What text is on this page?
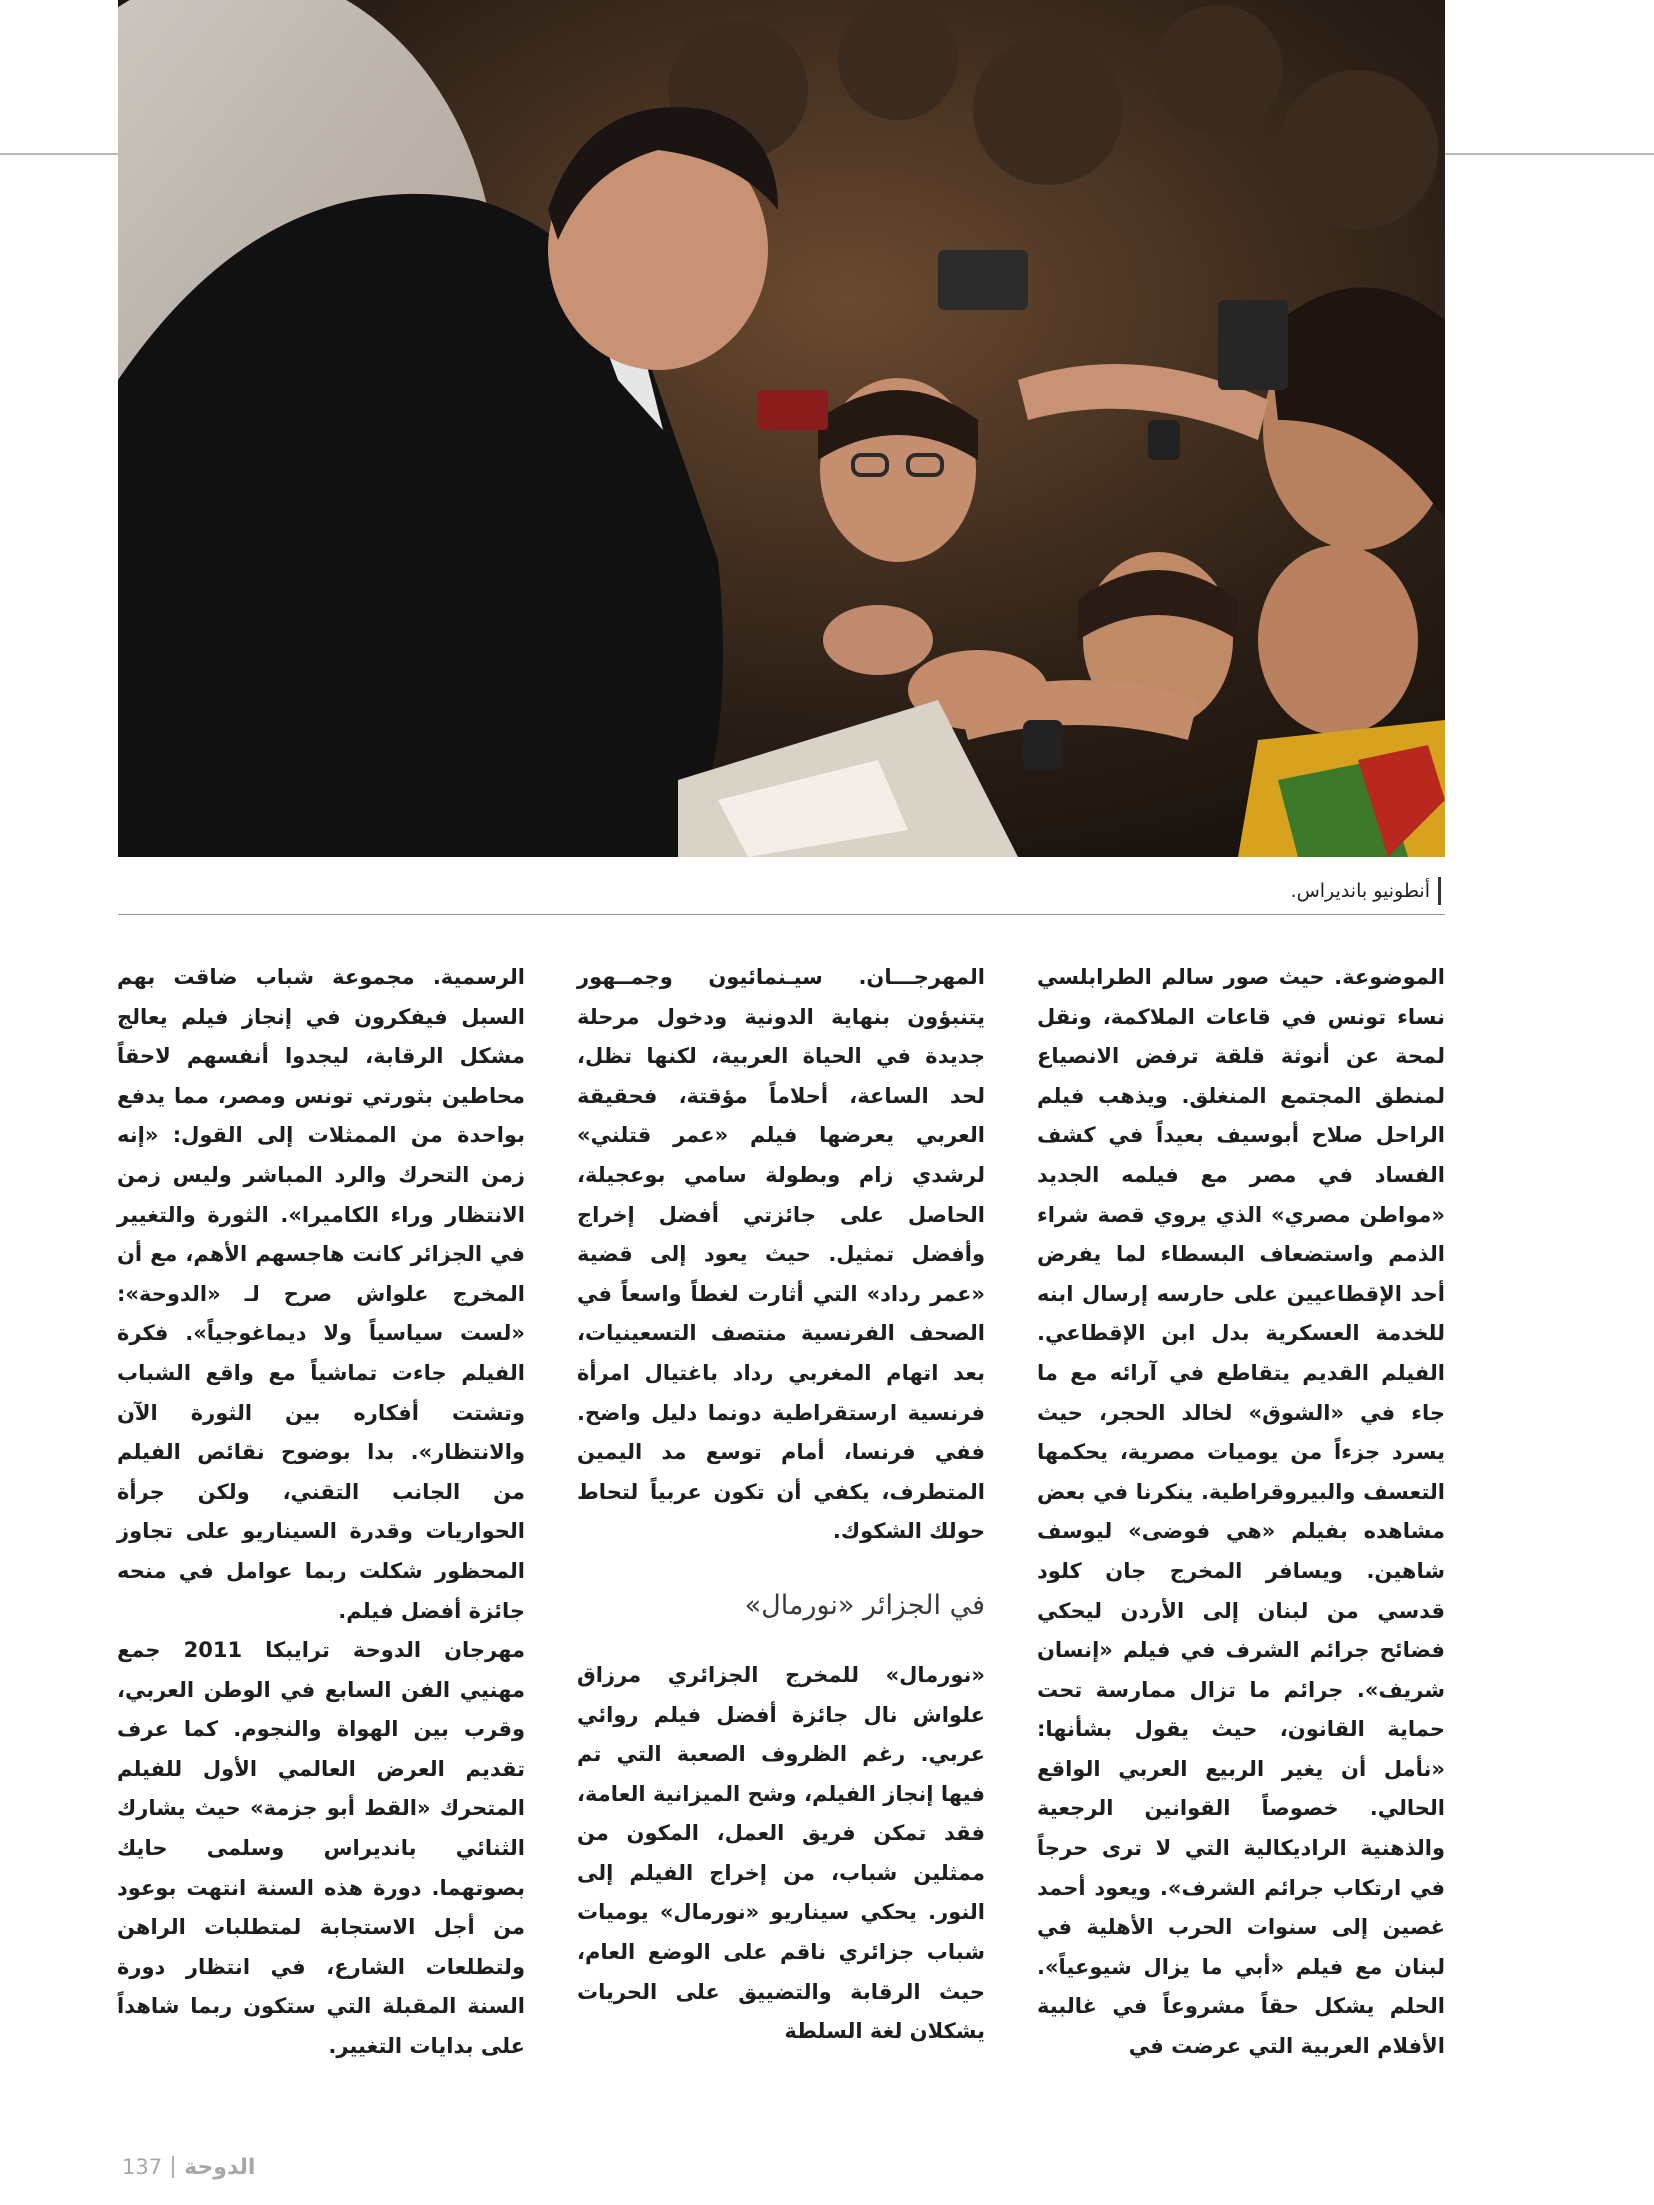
أنطونيو بانديراس.

الموضوعة. حيث صور سالم الطرابلسي نساء تونس في قاعات الملاكمة، ونقل لمحة عن أنوثة قلقة ترفض الانصياع لمنطق المجتمع المنغلق. ويذهب فيلم الراحل صلاح أبوسيف بعيداً في كشف الفساد في مصر مع فيلمه الجديد «مواطن مصري» الذي يروي قصة شراء الذمم واستضعاف البسطاء لما يفرض أحد الإقطاعيين على حارسه إرسال ابنه للخدمة العسكرية بدل ابن الإقطاعي. الفيلم القديم يتقاطع في آرائه مع ما جاء في «الشوق» لخالد الحجر، حيث يسرد جزءاً من يوميات مصرية، يحكمها التعسف والبيروقراطية. ينكرنا في بعض مشاهده بفيلم «هي فوضى» ليوسف شاهين. ويسافر المخرج جان كلود قدسي من لبنان إلى الأردن ليحكي فضائح جرائم الشرف في فيلم «إنسان شريف». جرائم ما تزال ممارسة تحت حماية القانون، حيث يقول بشأنها: «نأمل أن يغير الربيع العربي الواقع الحالي. خصوصاً القوانين الرجعية والذهنية الراديكالية التي لا ترى حرجاً في ارتكاب جرائم الشرف». ويعود أحمد غصين إلى سنوات الحرب الأهلية في لبنان مع فيلم «أبي ما يزال شيوعياً». الحلم يشكل حقاً مشروعاً في غالبية الأفلام العربية التي عرضت في

المهرجـــان. سيـنمائيون وجمــهور يتنبؤون بنهاية الدونية ودخول مرحلة جديدة في الحياة العربية، لكنها تظل، لحد الساعة، أحلاماً مؤقتة، فحقيقة العربي يعرضها فيلم «عمر قتلني» لرشدي زام وبطولة سامي بوعجيلة، الحاصل على جائزتي أفضل إخراج وأفضل تمثيل. حيث يعود إلى قضية «عمر رداد» التي أثارت لغطاً واسعاً في الصحف الفرنسية منتصف التسعينيات، بعد اتهام المغربي رداد باغتيال امرأة فرنسية ارستقراطية دونما دليل واضح. ففي فرنسا، أمام توسع مد اليمين المتطرف، يكفي أن تكون عربياً لتحاط حولك الشكوك.

في الجزائر «نورمال»

«نورمال» للمخرج الجزائري مرزاق علواش نال جائزة أفضل فيلم روائي عربي. رغم الظروف الصعبة التي تم فيها إنجاز الفيلم، وشح الميزانية العامة، فقد تمكن فريق العمل، المكون من ممثلين شباب، من إخراج الفيلم إلى النور. يحكي سيناريو «نورمال» يوميات شباب جزائري ناقم على الوضع العام، حيث الرقابة والتضييق على الحريات يشكلان لغة السلطة

الرسمية. مجموعة شباب ضاقت بهم السبل فيفكرون في إنجاز فيلم يعالج مشكل الرقابة، ليجدوا أنفسهم لاحقاً محاطين بثورتي تونس ومصر، مما يدفع بواحدة من الممثلات إلى القول: «إنه زمن التحرك والرد المباشر وليس زمن الانتظار وراء الكاميرا». الثورة والتغيير في الجزائر كانت هاجسهم الأهم، مع أن المخرج علواش صرح لـ «الدوحة»: «لست سياسياً ولا ديماغوجياً». فكرة الفيلم جاءت تماشياً مع واقع الشباب وتشتت أفكاره بين الثورة الآن والانتظار». بدا بوضوح نقائص الفيلم من الجانب التقني، ولكن جرأة الحواريات وقدرة السيناريو على تجاوز المحظور شكلت ربما عوامل في منحه جائزة أفضل فيلم.

مهرجان الدوحة ترايبكا 2011 جمع مهنيي الفن السابع في الوطن العربي، وقرب بين الهواة والنجوم. كما عرف تقديم العرض العالمي الأول للفيلم المتحرك «القط أبو جزمة» حيث يشارك الثنائي بانديراس وسلمى حايك بصوتهما. دورة هذه السنة انتهت بوعود من أجل الاستجابة لمتطلبات الراهن ولتطلعات الشارع، في انتظار دورة السنة المقبلة التي ستكون ربما شاهداً على بدايات التغيير.

137 الدوحة
